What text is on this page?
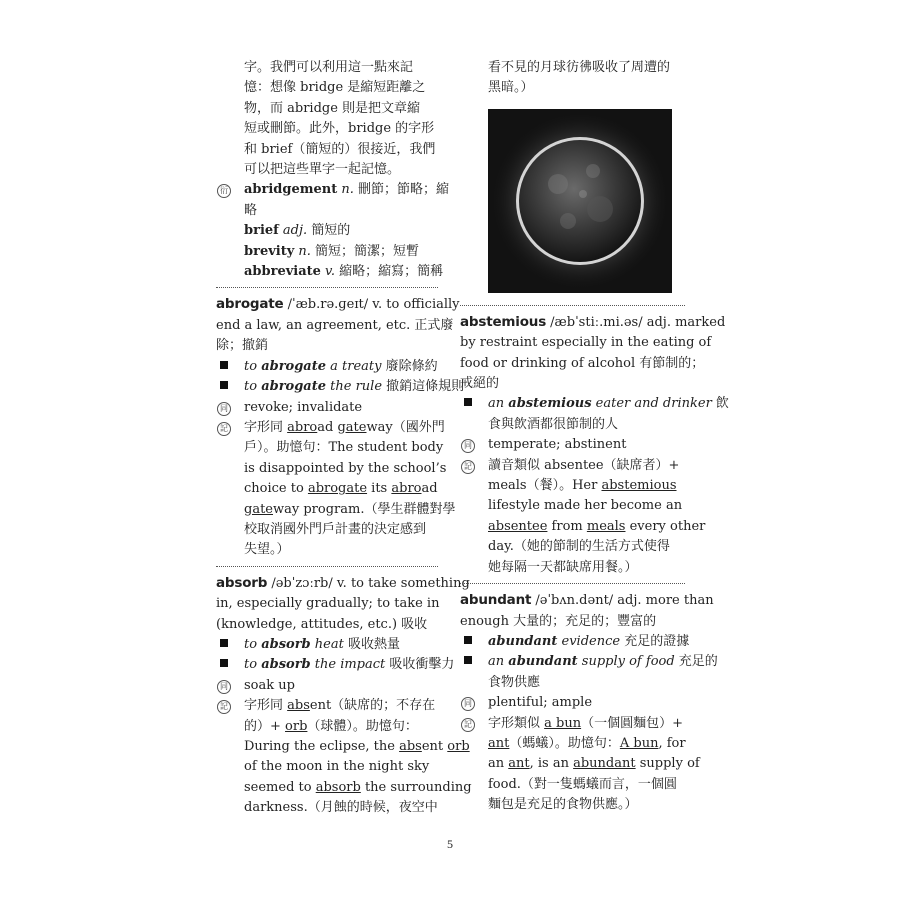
字。我們可以利用這一點來記
憶：想像 bridge 是縮短距離之
物，而 abridge 則是把文章縮
短或刪節。此外，bridge 的字形
和 brief（簡短的）很接近，我們
可以把這些單字一起記憶。
衍	abridgement n. 刪節；節略；縮
略
brief adj. 簡短的
brevity n. 簡短；簡潔；短暫
abbreviate v. 縮略；縮寫；簡稱
abrogate /ˈæb.rə.ɡeɪt/ v. to officially
end a law, an agreement, etc. 正式廢
除；撤銷
to abrogate a treaty 廢除條約
to abrogate the rule 撤銷這條規則
同	revoke; invalidate
記	字形同 abroad gateway（國外門
戶）。助憶句：The student body
is disappointed by the school’s
choice to abrogate its abroad
gateway program.（學生群體對學
校取消國外門戶計畫的決定感到
失望。）
absorb /əbˈzɔːrb/ v. to take something
in, especially gradually; to take in
(knowledge, attitudes, etc.) 吸收
to absorb heat 吸收熱量
to absorb the impact 吸收衝擊力
同	soak up
記	字形同 absent（缺席的；不存在
的）+ orb（球體）。助憶句：
During the eclipse, the absent orb
of the moon in the night sky
seemed to absorb the surrounding
darkness.（月蝕的時候，夜空中
看不見的月球彷彿吸收了周遭的
黑暗。）
abstemious /æbˈstiː.mi.əs/ adj. marked
by restraint especially in the eating of
food or drinking of alcohol 有節制的；
戒絕的
an abstemious eater and drinker 飲
食與飲酒都很節制的人
同	temperate; abstinent
記	讀音類似 absentee（缺席者）+
meals（餐）。Her abstemious
lifestyle made her become an
absentee from meals every other
day.（她的節制的生活方式使得
她每隔一天都缺席用餐。）
abundant /əˈbʌn.dənt/ adj. more than
enough 大量的；充足的；豐富的
abundant evidence 充足的證據
an abundant supply of food 充足的
食物供應
同	plentiful; ample
記	字形類似 a bun（一個圓麵包）+
ant（螞蟻）。助憶句：A bun, for
an ant, is an abundant supply of
food.（對一隻螞蟻而言，一個圓
麵包是充足的食物供應。）
5
